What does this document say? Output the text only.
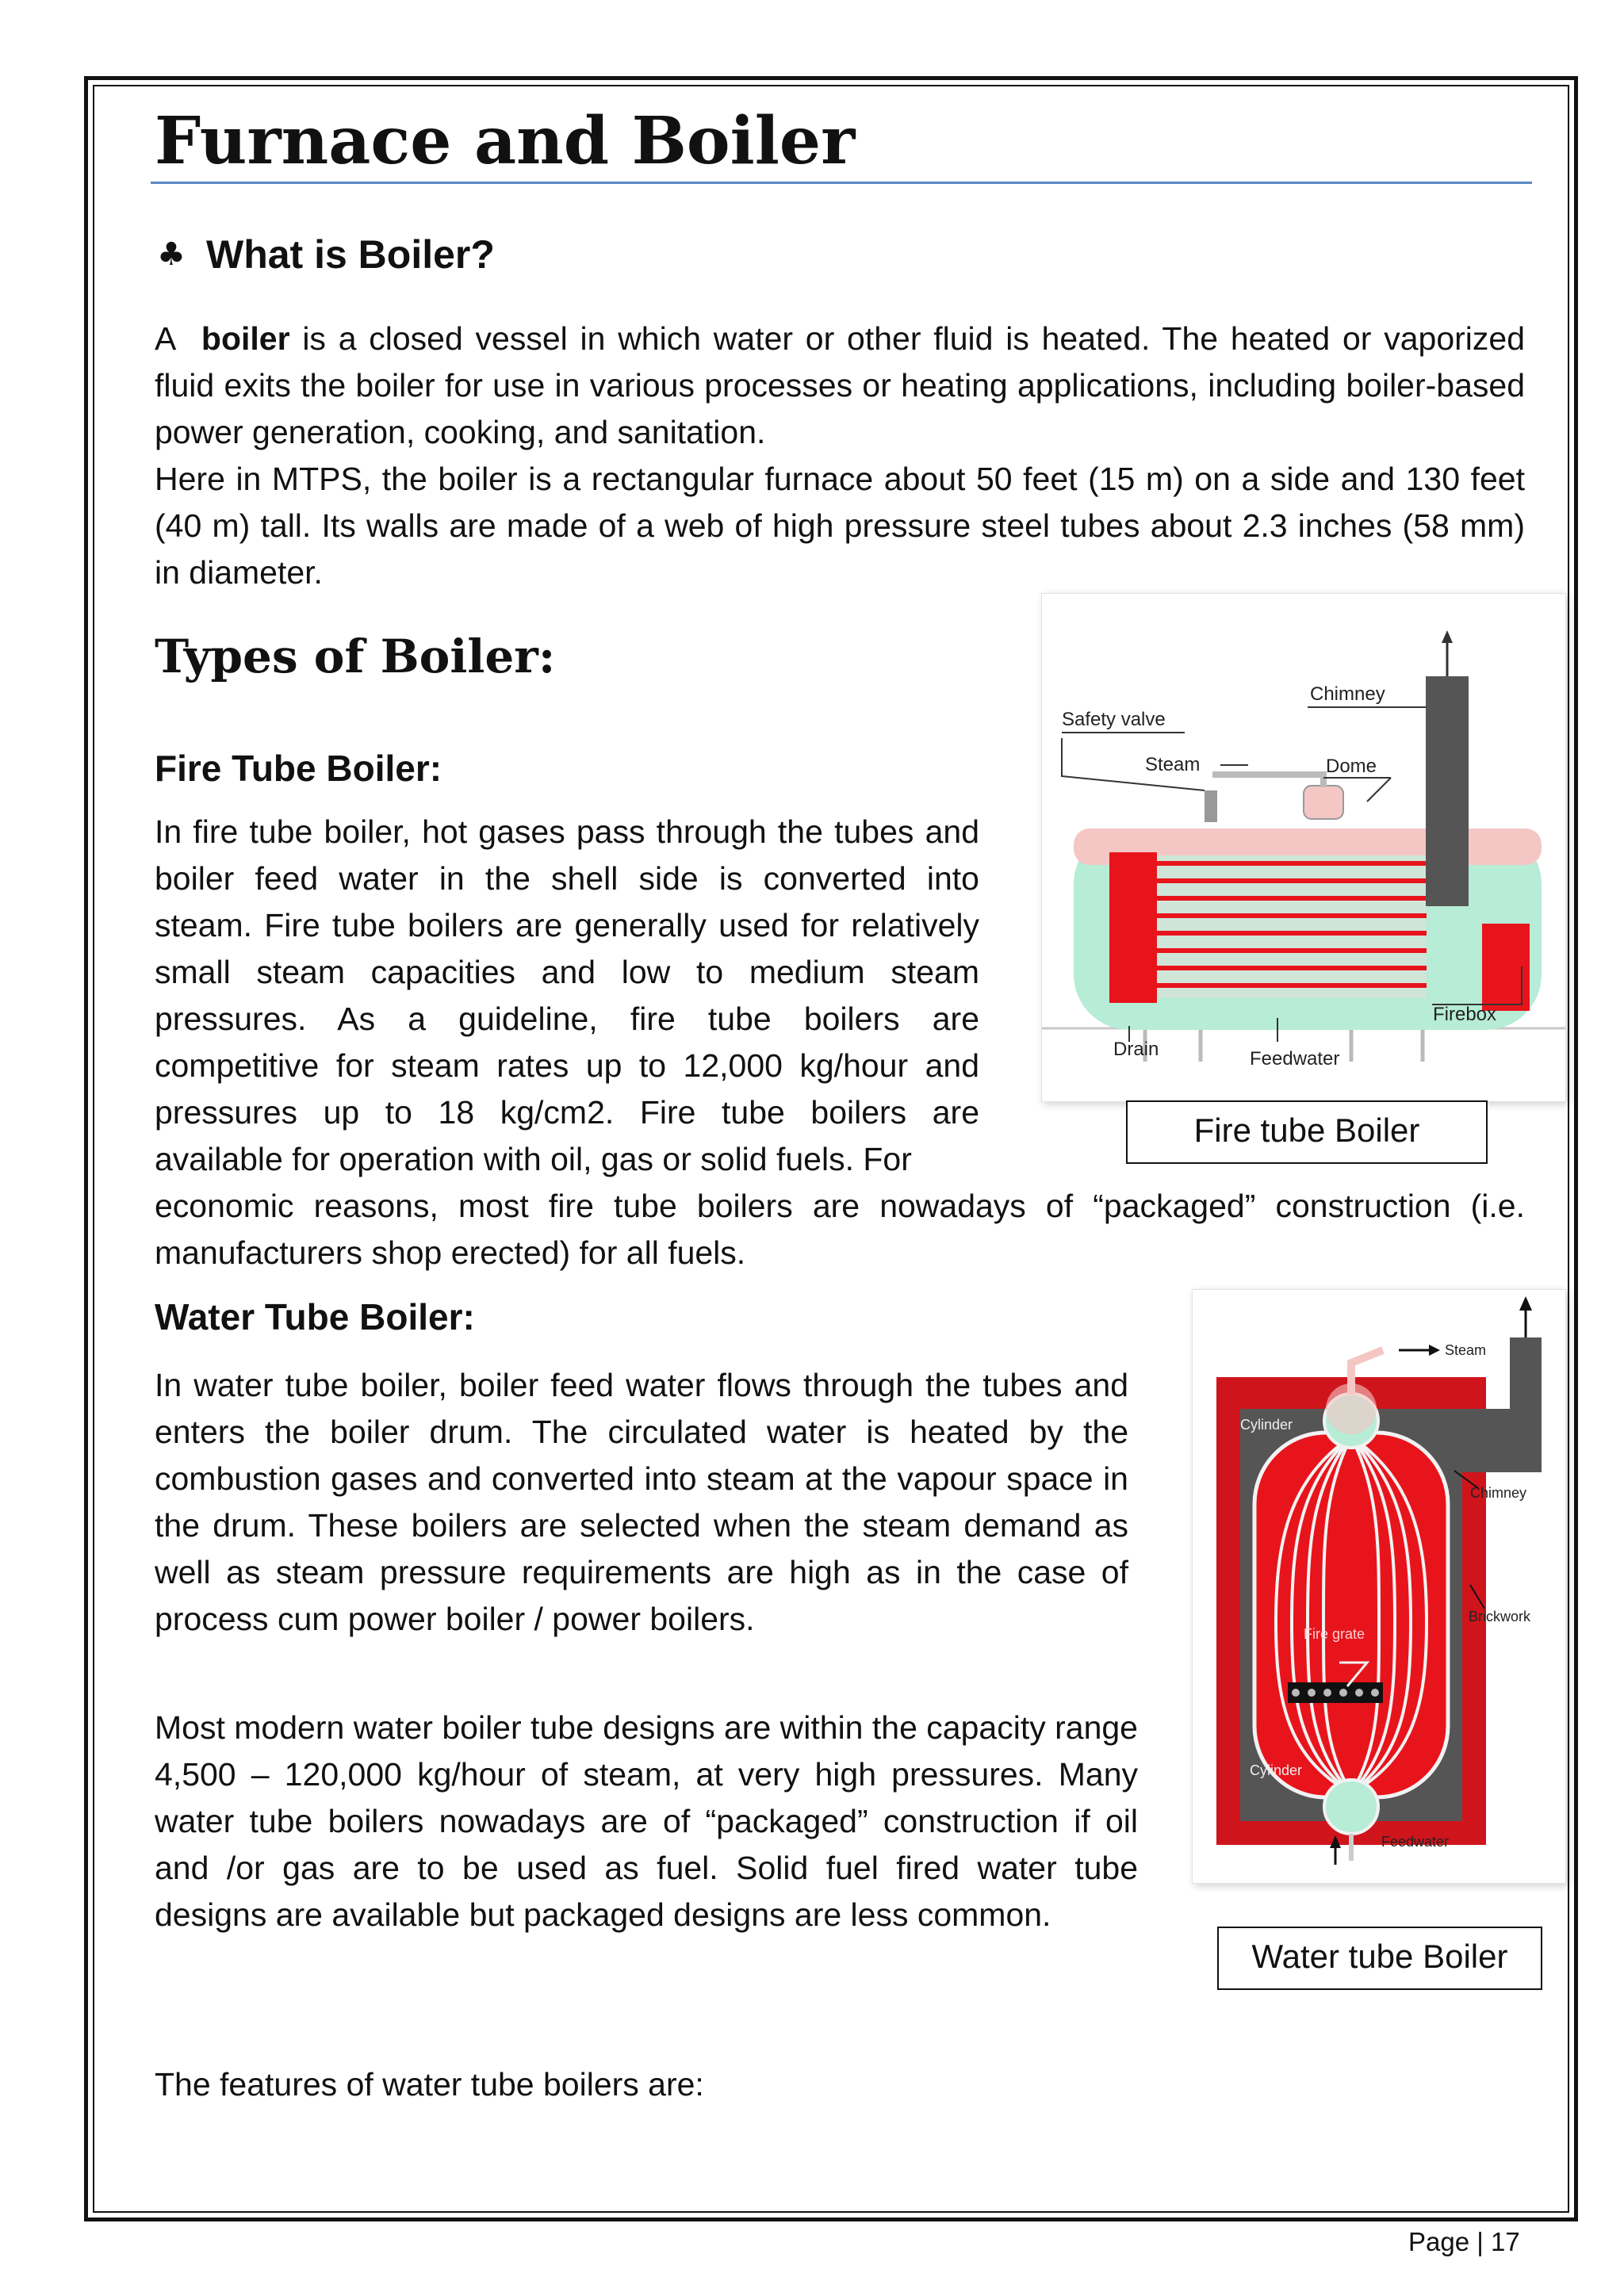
Furnace and Boiler
♣ What is Boiler?

A boiler is a closed vessel in which water or other fluid is heated. The heated or vaporized fluid exits the boiler for use in various processes or heating applications, including boiler-based power generation, cooking, and sanitation.

Here in MTPS, the boiler is a rectangular furnace about 50 feet (15 m) on a side and 130 feet (40 m) tall. Its walls are made of a web of high pressure steel tubes about 2.3 inches (58 mm) in diameter.

Types of Boiler:
Fire Tube Boiler:

In fire tube boiler, hot gases pass through the tubes and boiler feed water in the shell side is converted into steam. Fire tube boilers are generally used for relatively small steam capacities and low to medium steam pressures. As a guideline, fire tube boilers are competitive for steam rates up to 12,000 kg/hour and pressures up to 18 kg/cm2. Fire tube boilers are available for operation with oil, gas or solid fuels. For

economic reasons, most fire tube boilers are nowadays of “packaged” construction (i.e. manufacturers shop erected) for all fuels.

Chimney
Safety valve
Steam	Dome
Firebox
Drain	Feedwater
Fire tube Boiler
Water Tube Boiler:

In water tube boiler, boiler feed water flows through the tubes and enters the boiler drum. The circulated water is heated by the combustion gases and converted into steam at the vapour space in the drum. These boilers are selected when the steam demand as well as steam pressure requirements are high as in the case of process cum power boiler / power boilers.

Most modern water boiler tube designs are within the capacity range 4,500 – 120,000 kg/hour of steam, at very high pressures. Many water tube boilers nowadays are of “packaged” construction if oil and /or gas are to be used as fuel. Solid fuel fired water tube designs are available but packaged designs are less common.

Steam
Cylinder
Chimney
Brickwork
Fire grate
Cylinder
Feedwater
Water tube Boiler

The features of water tube boilers are:

Page | 17
